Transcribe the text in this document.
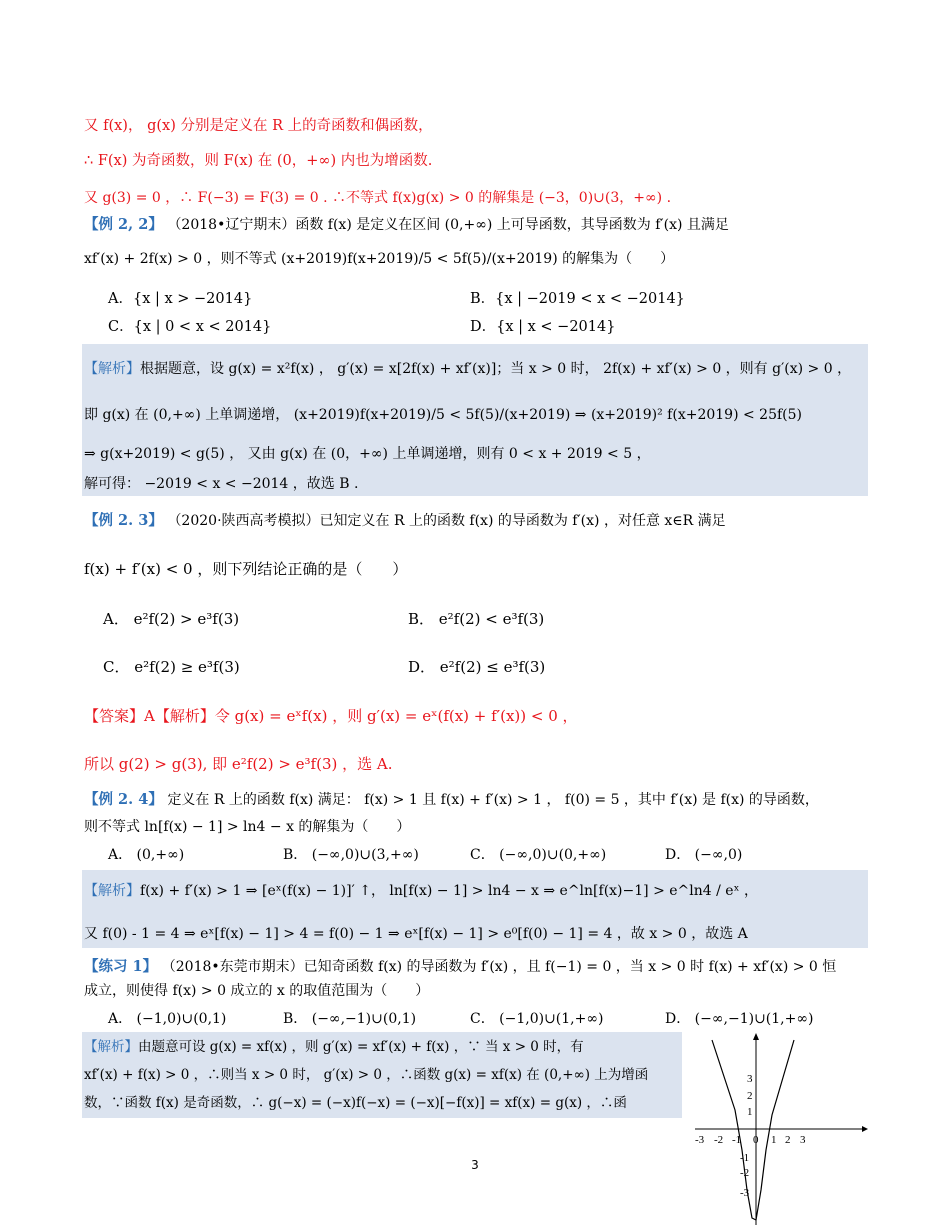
又 f(x)， g(x) 分别是定义在 R 上的奇函数和偶函数，
∴ F(x) 为奇函数，则 F(x) 在 (0，+∞) 内也为增函数.
又 g(3) = 0 ，∴ F(−3) = F(3) = 0 . ∴不等式 f(x)g(x) > 0 的解集是 (−3，0)∪(3，+∞) .
【例 2, 2】 （2018•辽宁期末）函数 f(x) 是定义在区间 (0,+∞) 上可导函数，其导函数为 f′(x) 且满足
xf′(x) + 2f(x) > 0 ，则不等式 (x+2019)f(x+2019)/5 < 5f(5)/(x+2019) 的解集为（　　）
A．{x | x > −2014}	B．{x | −2019 < x < −2014}
C．{x | 0 < x < 2014}	D．{x | x < −2014}
【解析】根据题意，设 g(x) = x²f(x) ， g′(x) = x[2f(x) + xf′(x)]；当 x > 0 时， 2f(x) + xf′(x) > 0 ，则有 g′(x) > 0 ，
即 g(x) 在 (0,+∞) 上单调递增， (x+2019)f(x+2019)/5 < 5f(5)/(x+2019) ⇒ (x+2019)² f(x+2019) < 25f(5)
⇒ g(x+2019) < g(5) ， 又由 g(x) 在 (0，+∞) 上单调递增，则有 0 < x + 2019 < 5 ，
解可得： −2019 < x < −2014 ，故选 B .
【例 2. 3】 （2020·陕西高考模拟）已知定义在 R 上的函数 f(x) 的导函数为 f′(x) ，对任意 x∈R 满足
f(x) + f′(x) < 0 ，则下列结论正确的是（　　）
A． e²f(2) > e³f(3)	B． e²f(2) < e³f(3)
C． e²f(2) ≥ e³f(3)	D． e²f(2) ≤ e³f(3)
【答案】A【解析】令 g(x) = eˣf(x) ，则 g′(x) = eˣ(f(x) + f′(x)) < 0 ，
所以 g(2) > g(3), 即 e²f(2) > e³f(3) ，选 A.
【例 2. 4】 定义在 R 上的函数 f(x) 满足： f(x) > 1 且 f(x) + f′(x) > 1 ， f(0) = 5 ，其中 f′(x) 是 f(x) 的导函数，
则不等式 ln[f(x) − 1] > ln4 − x 的解集为（　　）
A． (0,+∞)	B． (−∞,0)∪(3,+∞)	C． (−∞,0)∪(0,+∞)	D． (−∞,0)
【解析】f(x) + f′(x) > 1 ⇒ [eˣ(f(x) − 1)]′ ↑， ln[f(x) − 1] > ln4 − x ⇒ e^ln[f(x)−1] > e^ln4 / eˣ ，
又 f(0) - 1 = 4 ⇒ eˣ[f(x) − 1] > 4 = f(0) − 1 ⇒ eˣ[f(x) − 1] > e⁰[f(0) − 1] = 4 ，故 x > 0 ，故选 A
【练习 1】 （2018•东莞市期末）已知奇函数 f(x) 的导函数为 f′(x) ，且 f(−1) = 0 ，当 x > 0 时 f(x) + xf′(x) > 0 恒
成立，则使得 f(x) > 0 成立的 x 的取值范围为（　　）
A． (−1,0)∪(0,1)	B． (−∞,−1)∪(0,1)	C． (−1,0)∪(1,+∞)	D． (−∞,−1)∪(1,+∞)
【解析】由题意可设 g(x) = xf(x) ，则 g′(x) = xf′(x) + f(x) ，∵ 当 x > 0 时，有
xf′(x) + f(x) > 0 ，∴则当 x > 0 时， g′(x) > 0 ，∴函数 g(x) = xf(x) 在 (0,+∞) 上为增函
数，∵函数 f(x) 是奇函数，∴ g(−x) = (−x)f(−x) = (−x)[−f(x)] = xf(x) = g(x) ，∴函
-3 -2 -1 0 1 2 3
3
2
1
-1
-2
-3
3
